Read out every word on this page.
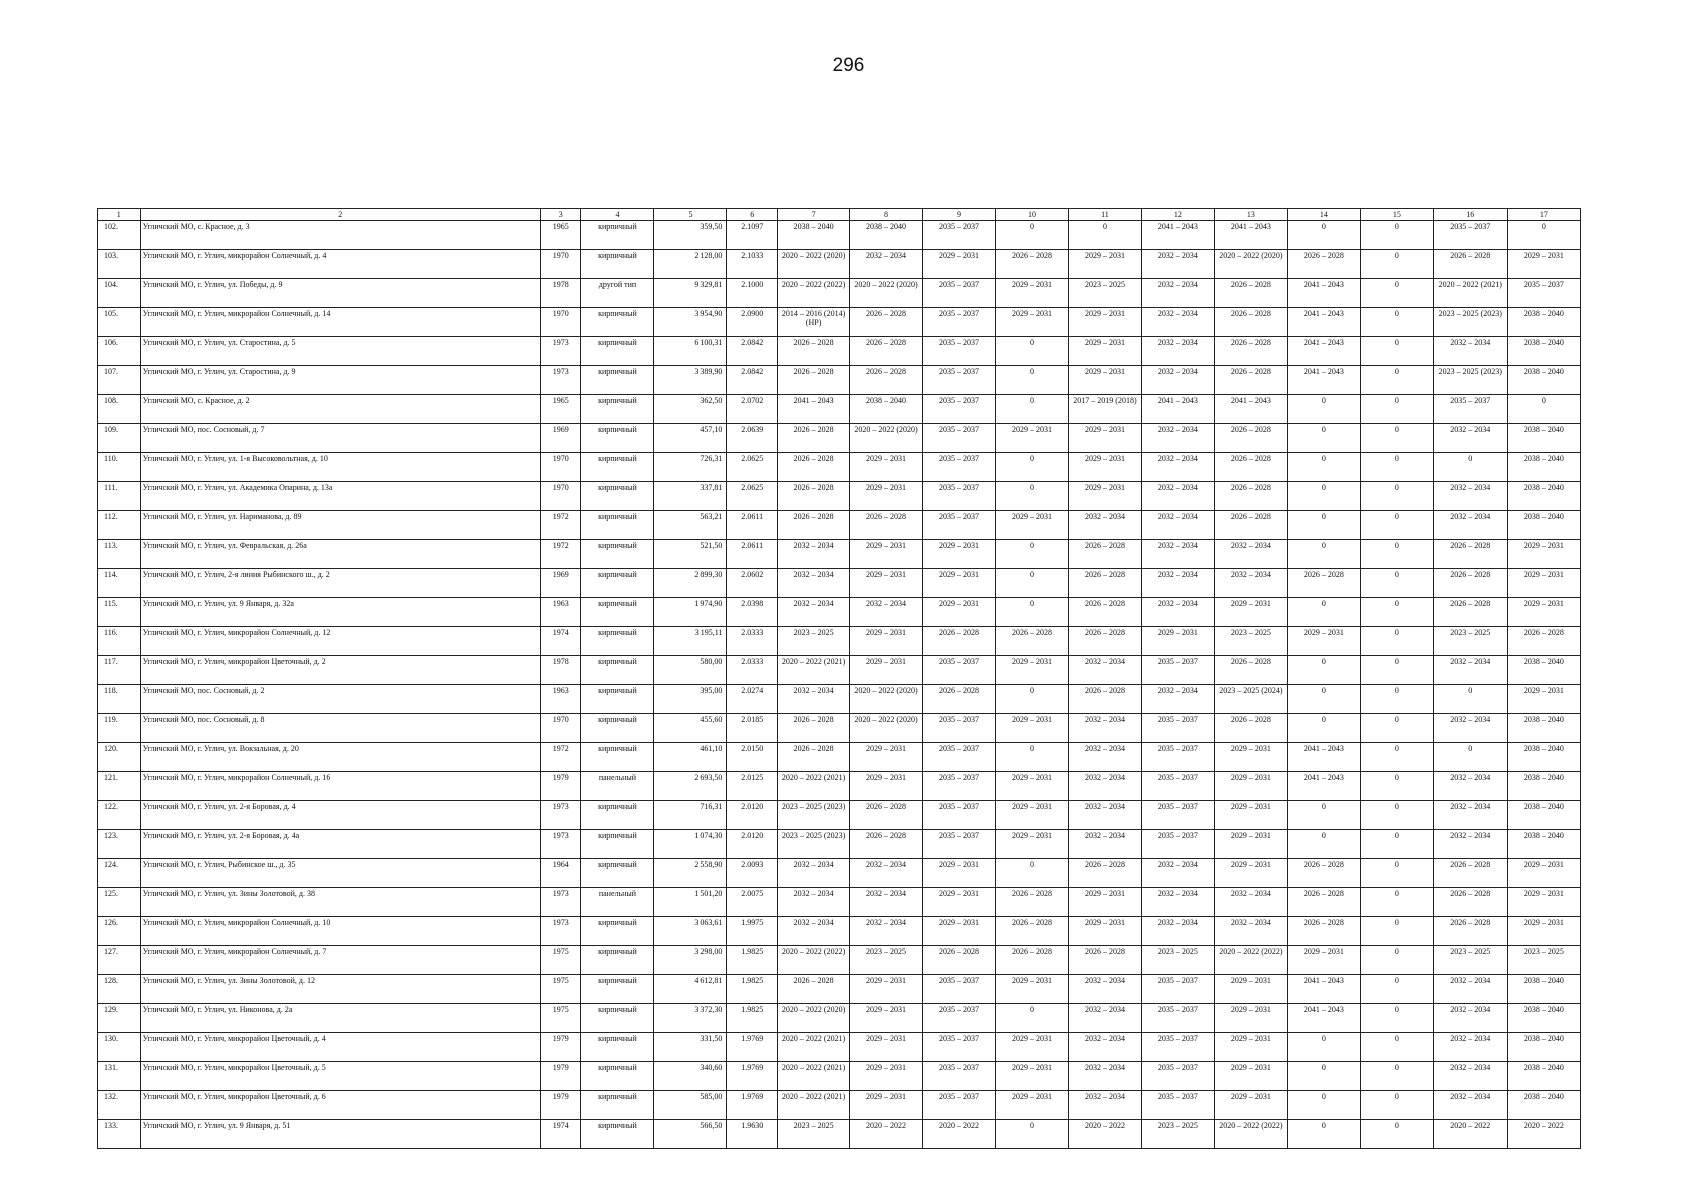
296
1	2	3	4	5	6	7	8	9	10	11	12	13	14	15	16	17
102.	Угличский МО, с. Красное, д. 3	1965	кирпичный	359,50	2.1097	2038 – 2040	2038 – 2040	2035 – 2037	0	0	2041 – 2043	2041 – 2043	0	0	2035 – 2037	0
103.	Угличский МО, г. Углич, микрорайон Солнечный, д. 4	1970	кирпичный	2 128,00	2.1033	2020 – 2022 (2020)	2032 – 2034	2029 – 2031	2026 – 2028	2029 – 2031	2032 – 2034	2020 – 2022 (2020)	2026 – 2028	0	2026 – 2028	2029 – 2031
104.	Угличский МО, г. Углич, ул. Победы, д. 9	1978	другой тип	9 329,81	2.1000	2020 – 2022 (2022)	2020 – 2022 (2020)	2035 – 2037	2029 – 2031	2023 – 2025	2032 – 2034	2026 – 2028	2041 – 2043	0	2020 – 2022 (2021)	2035 – 2037
105.	Угличский МО, г. Углич, микрорайон Солнечный, д. 14	1970	кирпичный	3 954,90	2.0900	2014 – 2016 (2014) (НР)	2026 – 2028	2035 – 2037	2029 – 2031	2029 – 2031	2032 – 2034	2026 – 2028	2041 – 2043	0	2023 – 2025 (2023)	2038 – 2040
106.	Угличский МО, г. Углич, ул. Старостина, д. 5	1973	кирпичный	6 100,31	2.0842	2026 – 2028	2026 – 2028	2035 – 2037	0	2029 – 2031	2032 – 2034	2026 – 2028	2041 – 2043	0	2032 – 2034	2038 – 2040
107.	Угличский МО, г. Углич, ул. Старостина, д. 9	1973	кирпичный	3 389,90	2.0842	2026 – 2028	2026 – 2028	2035 – 2037	0	2029 – 2031	2032 – 2034	2026 – 2028	2041 – 2043	0	2023 – 2025 (2023)	2038 – 2040
108.	Угличский МО, с. Красное, д. 2	1965	кирпичный	362,50	2.0702	2041 – 2043	2038 – 2040	2035 – 2037	0	2017 – 2019 (2018)	2041 – 2043	2041 – 2043	0	0	2035 – 2037	0
109.	Угличский МО, пос. Сосновый, д. 7	1969	кирпичный	457,10	2.0639	2026 – 2028	2020 – 2022 (2020)	2035 – 2037	2029 – 2031	2029 – 2031	2032 – 2034	2026 – 2028	0	0	2032 – 2034	2038 – 2040
110.	Угличский МО, г. Углич, ул. 1-я Высоковольтная, д. 10	1970	кирпичный	726,31	2.0625	2026 – 2028	2029 – 2031	2035 – 2037	0	2029 – 2031	2032 – 2034	2026 – 2028	0	0	0	2038 – 2040
111.	Угличский МО, г. Углич, ул. Академика Опарина, д. 13а	1970	кирпичный	337,81	2.0625	2026 – 2028	2029 – 2031	2035 – 2037	0	2029 – 2031	2032 – 2034	2026 – 2028	0	0	2032 – 2034	2038 – 2040
112.	Угличский МО, г. Углич, ул. Нариманова, д. 89	1972	кирпичный	563,21	2.0611	2026 – 2028	2026 – 2028	2035 – 2037	2029 – 2031	2032 – 2034	2032 – 2034	2026 – 2028	0	0	2032 – 2034	2038 – 2040
113.	Угличский МО, г. Углич, ул. Февральская, д. 26а	1972	кирпичный	521,50	2.0611	2032 – 2034	2029 – 2031	2029 – 2031	0	2026 – 2028	2032 – 2034	2032 – 2034	0	0	2026 – 2028	2029 – 2031
114.	Угличский МО, г. Углич, 2-я линия Рыбинского ш., д. 2	1969	кирпичный	2 899,30	2.0602	2032 – 2034	2029 – 2031	2029 – 2031	0	2026 – 2028	2032 – 2034	2032 – 2034	2026 – 2028	0	2026 – 2028	2029 – 2031
115.	Угличский МО, г. Углич, ул. 9 Января, д. 32а	1963	кирпичный	1 974,90	2.0398	2032 – 2034	2032 – 2034	2029 – 2031	0	2026 – 2028	2032 – 2034	2029 – 2031	0	0	2026 – 2028	2029 – 2031
116.	Угличский МО, г. Углич, микрорайон Солнечный, д. 12	1974	кирпичный	3 195,11	2.0333	2023 – 2025	2029 – 2031	2026 – 2028	2026 – 2028	2026 – 2028	2029 – 2031	2023 – 2025	2029 – 2031	0	2023 – 2025	2026 – 2028
117.	Угличский МО, г. Углич, микрорайон Цветочный, д. 2	1978	кирпичный	580,00	2.0333	2020 – 2022 (2021)	2029 – 2031	2035 – 2037	2029 – 2031	2032 – 2034	2035 – 2037	2026 – 2028	0	0	2032 – 2034	2038 – 2040
118.	Угличский МО, пос. Сосновый, д. 2	1963	кирпичный	395,00	2.0274	2032 – 2034	2020 – 2022 (2020)	2026 – 2028	0	2026 – 2028	2032 – 2034	2023 – 2025 (2024)	0	0	0	2029 – 2031
119.	Угличский МО, пос. Сосновый, д. 8	1970	кирпичный	455,60	2.0185	2026 – 2028	2020 – 2022 (2020)	2035 – 2037	2029 – 2031	2032 – 2034	2035 – 2037	2026 – 2028	0	0	2032 – 2034	2038 – 2040
120.	Угличский МО, г. Углич, ул. Вокзальная, д. 20	1972	кирпичный	461,10	2.0150	2026 – 2028	2029 – 2031	2035 – 2037	0	2032 – 2034	2035 – 2037	2029 – 2031	2041 – 2043	0	0	2038 – 2040
121.	Угличский МО, г. Углич, микрорайон Солнечный, д. 16	1979	панельный	2 693,50	2.0125	2020 – 2022 (2021)	2029 – 2031	2035 – 2037	2029 – 2031	2032 – 2034	2035 – 2037	2029 – 2031	2041 – 2043	0	2032 – 2034	2038 – 2040
122.	Угличский МО, г. Углич, ул. 2-я Боровая, д. 4	1973	кирпичный	716,31	2.0120	2023 – 2025 (2023)	2026 – 2028	2035 – 2037	2029 – 2031	2032 – 2034	2035 – 2037	2029 – 2031	0	0	2032 – 2034	2038 – 2040
123.	Угличский МО, г. Углич, ул. 2-я Боровая, д. 4а	1973	кирпичный	1 074,30	2.0120	2023 – 2025 (2023)	2026 – 2028	2035 – 2037	2029 – 2031	2032 – 2034	2035 – 2037	2029 – 2031	0	0	2032 – 2034	2038 – 2040
124.	Угличский МО, г. Углич, Рыбинское ш., д. 35	1964	кирпичный	2 558,90	2.0093	2032 – 2034	2032 – 2034	2029 – 2031	0	2026 – 2028	2032 – 2034	2029 – 2031	2026 – 2028	0	2026 – 2028	2029 – 2031
125.	Угличский МО, г. Углич, ул. Зины Золотовой, д. 38	1973	панельный	1 501,20	2.0075	2032 – 2034	2032 – 2034	2029 – 2031	2026 – 2028	2029 – 2031	2032 – 2034	2032 – 2034	2026 – 2028	0	2026 – 2028	2029 – 2031
126.	Угличский МО, г. Углич, микрорайон Солнечный, д. 10	1973	кирпичный	3 063,61	1.9975	2032 – 2034	2032 – 2034	2029 – 2031	2026 – 2028	2029 – 2031	2032 – 2034	2032 – 2034	2026 – 2028	0	2026 – 2028	2029 – 2031
127.	Угличский МО, г. Углич, микрорайон Солнечный, д. 7	1975	кирпичный	3 298,00	1.9825	2020 – 2022 (2022)	2023 – 2025	2026 – 2028	2026 – 2028	2026 – 2028	2023 – 2025	2020 – 2022 (2022)	2029 – 2031	0	2023 – 2025	2023 – 2025
128.	Угличский МО, г. Углич, ул. Зины Золотовой, д. 12	1975	кирпичный	4 612,81	1.9825	2026 – 2028	2029 – 2031	2035 – 2037	2029 – 2031	2032 – 2034	2035 – 2037	2029 – 2031	2041 – 2043	0	2032 – 2034	2038 – 2040
129.	Угличский МО, г. Углич, ул. Никонова, д. 2а	1975	кирпичный	3 372,30	1.9825	2020 – 2022 (2020)	2029 – 2031	2035 – 2037	0	2032 – 2034	2035 – 2037	2029 – 2031	2041 – 2043	0	2032 – 2034	2038 – 2040
130.	Угличский МО, г. Углич, микрорайон Цветочный, д. 4	1979	кирпичный	331,50	1.9769	2020 – 2022 (2021)	2029 – 2031	2035 – 2037	2029 – 2031	2032 – 2034	2035 – 2037	2029 – 2031	0	0	2032 – 2034	2038 – 2040
131.	Угличский МО, г. Углич, микрорайон Цветочный, д. 5	1979	кирпичный	340,60	1.9769	2020 – 2022 (2021)	2029 – 2031	2035 – 2037	2029 – 2031	2032 – 2034	2035 – 2037	2029 – 2031	0	0	2032 – 2034	2038 – 2040
132.	Угличский МО, г. Углич, микрорайон Цветочный, д. 6	1979	кирпичный	585,00	1.9769	2020 – 2022 (2021)	2029 – 2031	2035 – 2037	2029 – 2031	2032 – 2034	2035 – 2037	2029 – 2031	0	0	2032 – 2034	2038 – 2040
133.	Угличский МО, г. Углич, ул. 9 Января, д. 51	1974	кирпичный	566,50	1.9630	2023 – 2025	2020 – 2022	2020 – 2022	0	2020 – 2022	2023 – 2025	2020 – 2022 (2022)	0	0	2020 – 2022	2020 – 2022
